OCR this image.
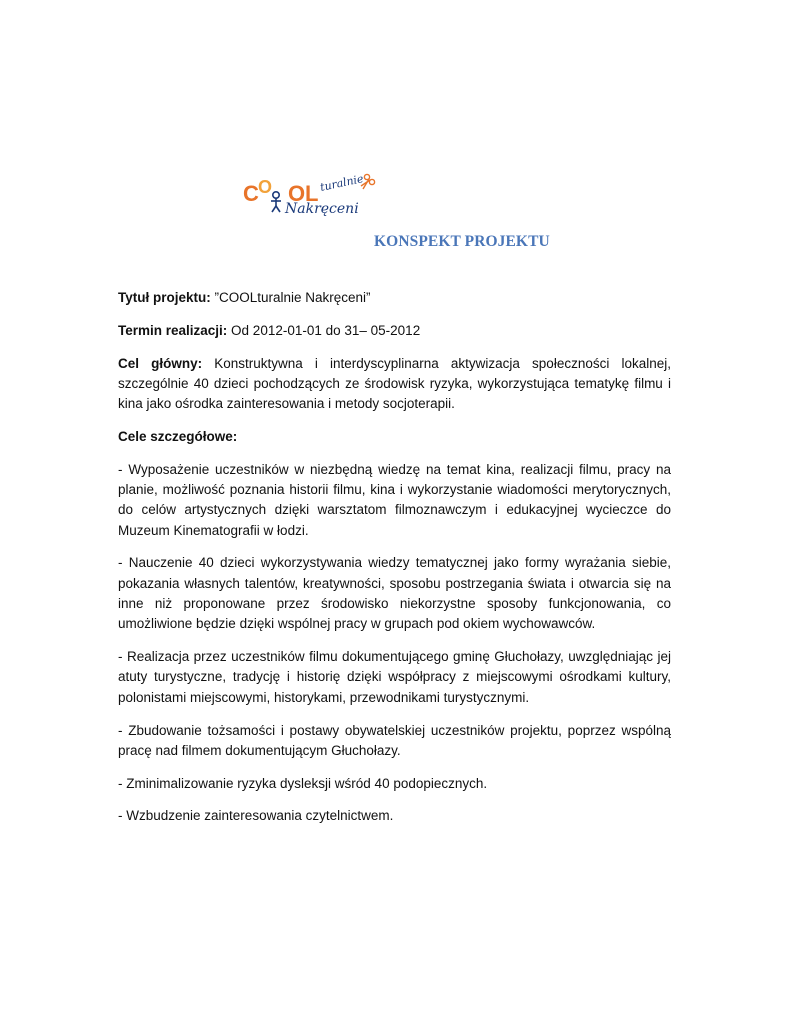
C O O L turalnie
Nakręceni
KONSPEKT PROJEKTU

Tytuł projektu: ”COOLturalnie Nakręceni”

Termin realizacji: Od 2012-01-01 do 31– 05-2012

Cel główny: Konstruktywna i interdyscyplinarna aktywizacja społeczności lokalnej, szczególnie 40 dzieci pochodzących ze środowisk ryzyka, wykorzystująca tematykę filmu i kina jako ośrodka zainteresowania i metody socjoterapii.

Cele szczegółowe:

- Wyposażenie uczestników w niezbędną wiedzę na temat kina, realizacji filmu, pracy na planie, możliwość poznania historii filmu, kina i wykorzystanie wiadomości merytorycznych, do celów artystycznych dzięki warsztatom filmoznawczym i edukacyjnej wycieczce do Muzeum Kinematografii w łodzi.

- Nauczenie 40 dzieci wykorzystywania wiedzy tematycznej jako formy wyrażania siebie, pokazania własnych talentów, kreatywności, sposobu postrzegania świata i otwarcia się na inne niż proponowane przez środowisko niekorzystne sposoby funkcjonowania, co umożliwione będzie dzięki wspólnej pracy w grupach pod okiem wychowawców.

- Realizacja przez uczestników filmu dokumentującego gminę Głuchołazy, uwzględniając jej atuty turystyczne, tradycję i historię dzięki współpracy z miejscowymi ośrodkami kultury, polonistami miejscowymi, historykami, przewodnikami turystycznymi.

- Zbudowanie tożsamości i postawy obywatelskiej uczestników projektu, poprzez wspólną pracę nad filmem dokumentującym Głuchołazy.

- Zminimalizowanie ryzyka dysleksji wśród 40 podopiecznych.

- Wzbudzenie zainteresowania czytelnictwem.
